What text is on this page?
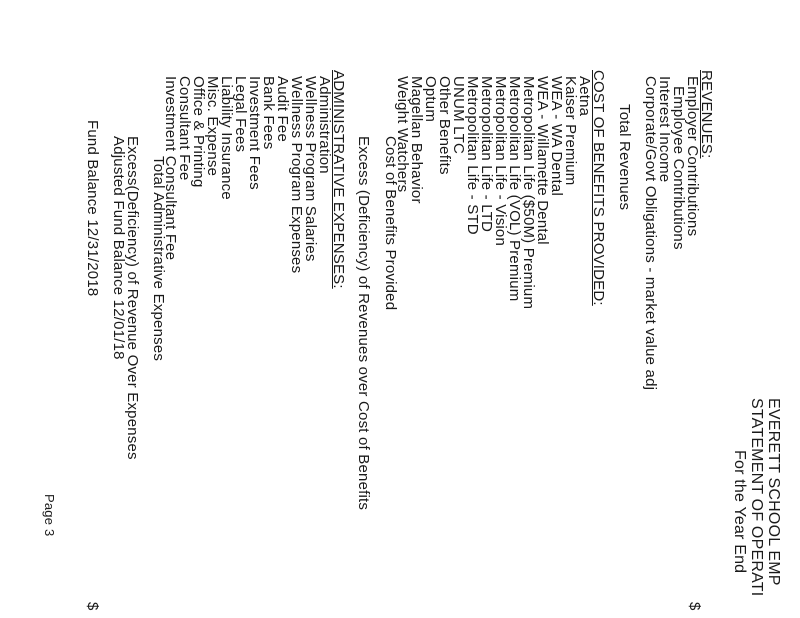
EVERETT SCHOOL EMP
STATEMENT OF OPERATI
For the Year End
REVENUES:
Employer Contributions
Employee Contributions
Interest Income
Corporate/Govt Obligations - market value adj
Total Revenues
COST OF BENEFITS PROVIDED:
Aetna
Kaiser Premium
WEA - WA Dental
WEA - Willamette Dental
Metropolitan Life ($50M) Premium
Metropolitan Life (VOL) Premium
Metropolitan Life - Vision
Metropolitan Life - LTD
Metropolitan Life - STD
UNUM LTC
Other Benefits
Optum
Magellan Behavior
Weight Watchers
Cost of Benefits Provided
Excess (Deficiency) of Revenues over Cost of Benefits
ADMINISTRATIVE EXPENSES:
Administration
Wellness Program Salaries
Wellness Program Expenses
Audit Fee
Bank Fees
Investment Fees
Legal Fees
Liability Insurance
Misc. Expense
Office & Printing
Consultant Fee
Investment Consultant Fee
Total Administrative Expenses
Excess(Deficiency) of Revenue Over Expenses
Adjusted Fund Balance 12/01/18
Fund Balance 12/31/2018
Page 3
$
$
